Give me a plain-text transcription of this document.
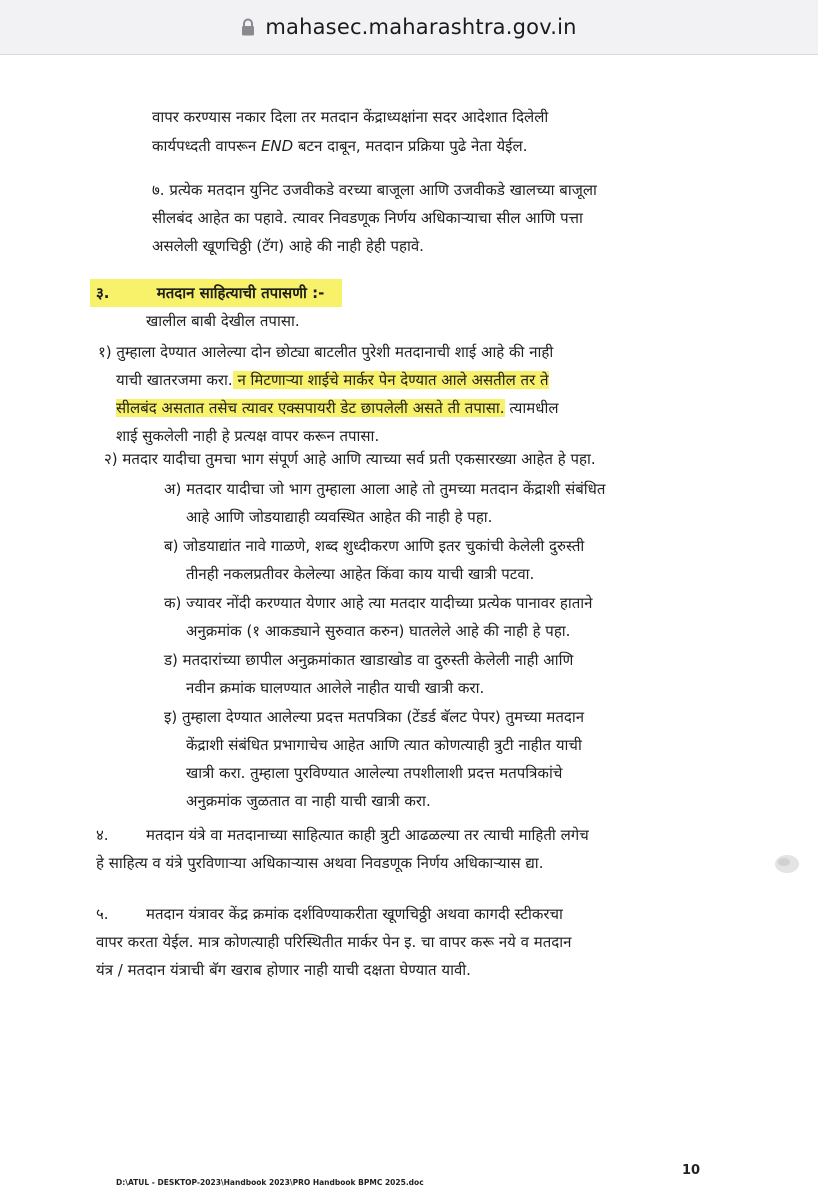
mahasec.maharashtra.gov.in

वापर करण्यास नकार दिला तर मतदान केंद्राध्यक्षांना सदर आदेशात दिलेली

कार्यपध्दती वापरून END बटन दाबून, मतदान प्रक्रिया पुढे नेता येईल.

७. प्रत्येक मतदान युनिट उजवीकडे वरच्या बाजूला आणि उजवीकडे खालच्या बाजूला

सीलबंद आहेत का पहावे. त्यावर निवडणूक निर्णय अधिकाऱ्याचा सील आणि पत्ता

असलेली खूणचिठ्ठी (टॅग) आहे की नाही हेही पहावे.

३.	मतदान साहित्याची तपासणी :-

खालील बाबी देखील तपासा.

१) तुम्हाला देण्यात आलेल्या दोन छोट्या बाटलीत पुरेशी मतदानाची शाई आहे की नाही

याची खातरजमा करा. न मिटणाऱ्या शाईचे मार्कर पेन देण्यात आले असतील तर ते

सीलबंद असतात तसेच त्यावर एक्सपायरी डेट छापलेली असते ती तपासा. त्यामधील

शाई सुकलेली नाही हे प्रत्यक्ष वापर करून तपासा.

२) मतदार यादीचा तुमचा भाग संपूर्ण आहे आणि त्याच्या सर्व प्रती एकसारख्या आहेत हे पहा.

अ) मतदार यादीचा जो भाग तुम्हाला आला आहे तो तुमच्या मतदान केंद्राशी संबंधित

आहे आणि जोडयाद्याही व्यवस्थित आहेत की नाही हे पहा.

ब) जोडयाद्यांत नावे गाळणे, शब्द शुध्दीकरण आणि इतर चुकांची केलेली दुरुस्ती

तीनही नकलप्रतीवर केलेल्या आहेत किंवा काय याची खात्री पटवा.

क) ज्यावर नोंदी करण्यात येणार आहे त्या मतदार यादीच्या प्रत्येक पानावर हाताने

अनुक्रमांक (१ आकड्याने सुरुवात करुन) घातलेले आहे की नाही हे पहा.

ड) मतदारांच्या छापील अनुक्रमांकात खाडाखोड वा दुरुस्ती केलेली नाही आणि

नवीन क्रमांक घालण्यात आलेले नाहीत याची खात्री करा.

इ) तुम्हाला देण्यात आलेल्या प्रदत्त मतपत्रिका (टेंडर्ड बॅलट पेपर) तुमच्या मतदान

केंद्राशी संबंधित प्रभागाचेच आहेत आणि त्यात कोणत्याही त्रुटी नाहीत याची

खात्री करा. तुम्हाला पुरविण्यात आलेल्या तपशीलाशी प्रदत्त मतपत्रिकांचे

अनुक्रमांक जुळतात वा नाही याची खात्री करा.

४. मतदान यंत्रे वा मतदानाच्या साहित्यात काही त्रुटी आढळल्या तर त्याची माहिती लगेच

हे साहित्य व यंत्रे पुरविणाऱ्या अधिकाऱ्यास अथवा निवडणूक निर्णय अधिकाऱ्यास द्या.

५. मतदान यंत्रावर केंद्र क्रमांक दर्शविण्याकरीता खूणचिठ्ठी अथवा कागदी स्टीकरचा

वापर करता येईल. मात्र कोणत्याही परिस्थितीत मार्कर पेन इ. चा वापर करू नये व मतदान

यंत्र / मतदान यंत्राची बॅग खराब होणार नाही याची दक्षता घेण्यात यावी.

D:\ATUL - DESKTOP-2023\Handbook 2023\PRO Handbook BPMC 2025.doc
10
